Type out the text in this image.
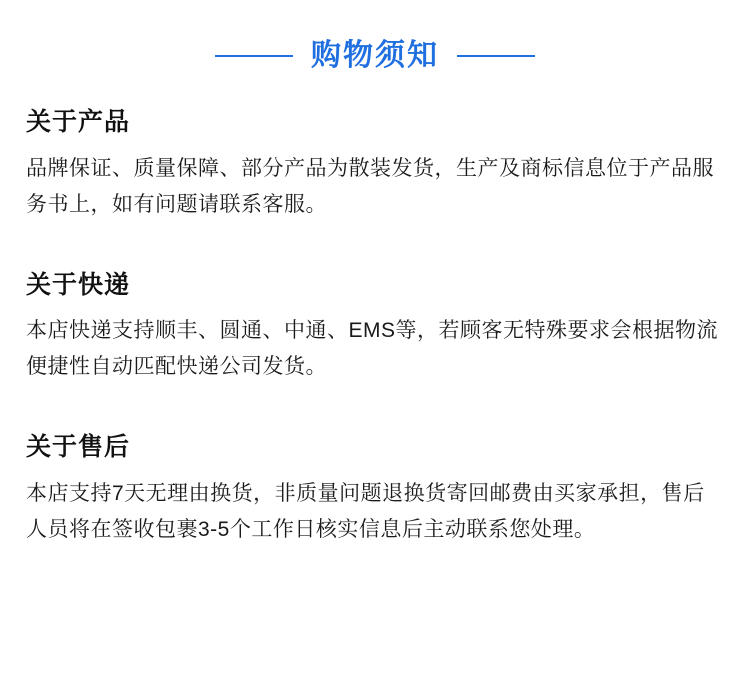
购物须知
关于产品
品牌保证、质量保障、部分产品为散装发货，生产及商标信息位于产品服务书上，如有问题请联系客服。
关于快递
本店快递支持顺丰、圆通、中通、EMS等，若顾客无特殊要求会根据物流便捷性自动匹配快递公司发货。
关于售后
本店支持7天无理由换货，非质量问题退换货寄回邮费由买家承担，售后人员将在签收包裹3-5个工作日核实信息后主动联系您处理。
